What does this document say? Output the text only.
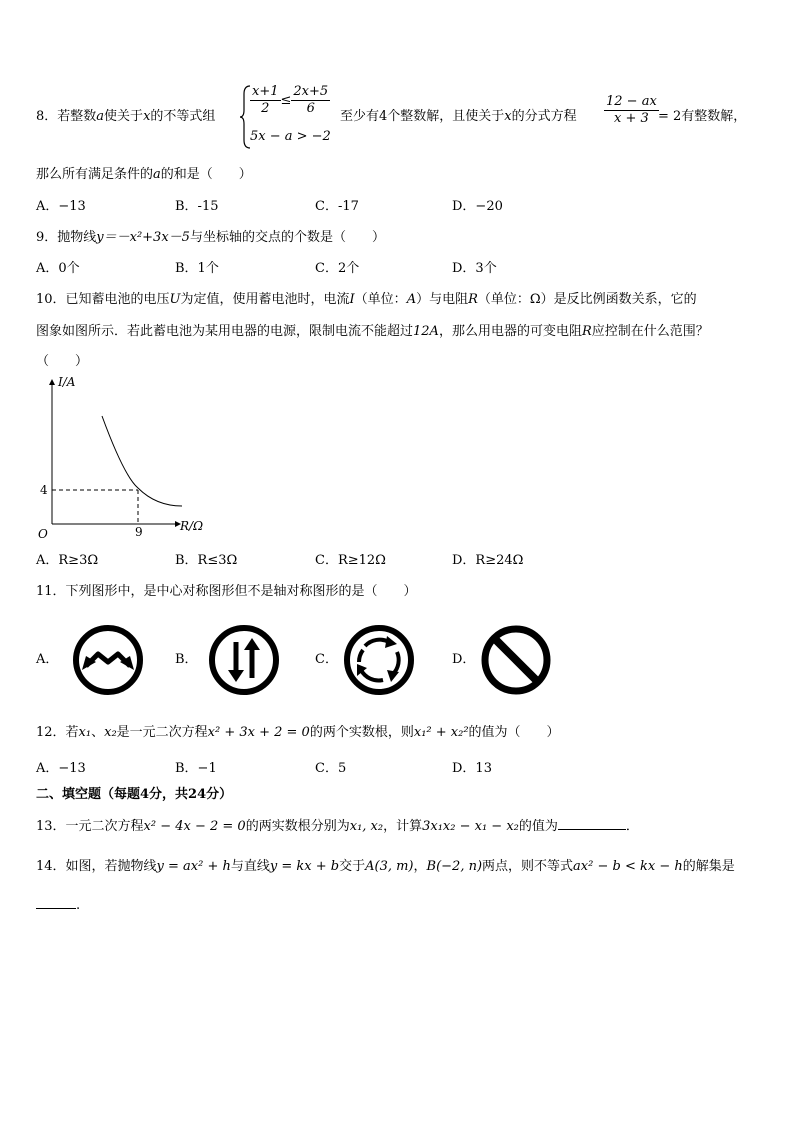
8．若整数a使关于x的不等式组	$\frac{x+1}{2} \le \frac{2x+5}{6}$
5x − a > −2
至少有4个整数解，且使关于x的分式方程 $\frac{12 - ax}{x + 3} = 2$有整数解，
那么所有满足条件的a的和是（　　）
A．−13	B．-15	C．-17	D．−20
9．抛物线y＝－x²+3x－5与坐标轴的交点的个数是（　　）
A．0个	B．1个	C．2个	D．3个
10．已知蓄电池的电压U为定值，使用蓄电池时，电流I（单位：A）与电阻R（单位：Ω）是反比例函数关系，它的
图象如图所示．若此蓄电池为某用电器的电源，限制电流不能超过12A，那么用电器的可变电阻R应控制在什么范围？
（　　）
I/A
R/Ω
O
4
9
A．R≥3Ω	B．R≤3Ω	C．R≥12Ω	D．R≥24Ω
11．下列图形中，是中心对称图形但不是轴对称图形的是（　　）
A．	B．	C．	D．
12．若x₁、x₂是一元二次方程x² + 3x + 2 = 0的两个实数根，则x₁² + x₂²的值为（　　）
A．−13	B．−1	C．5	D．13
二、填空题（每题4分，共24分）
13．一元二次方程x² − 4x − 2 = 0的两实数根分别为x₁, x₂，计算3x₁x₂ − x₁ − x₂的值为	．
14．如图，若抛物线y = ax² + h与直线y = kx + b交于A(3, m)，B(−2, n)两点，则不等式ax² − b < kx − h的解集是
.
